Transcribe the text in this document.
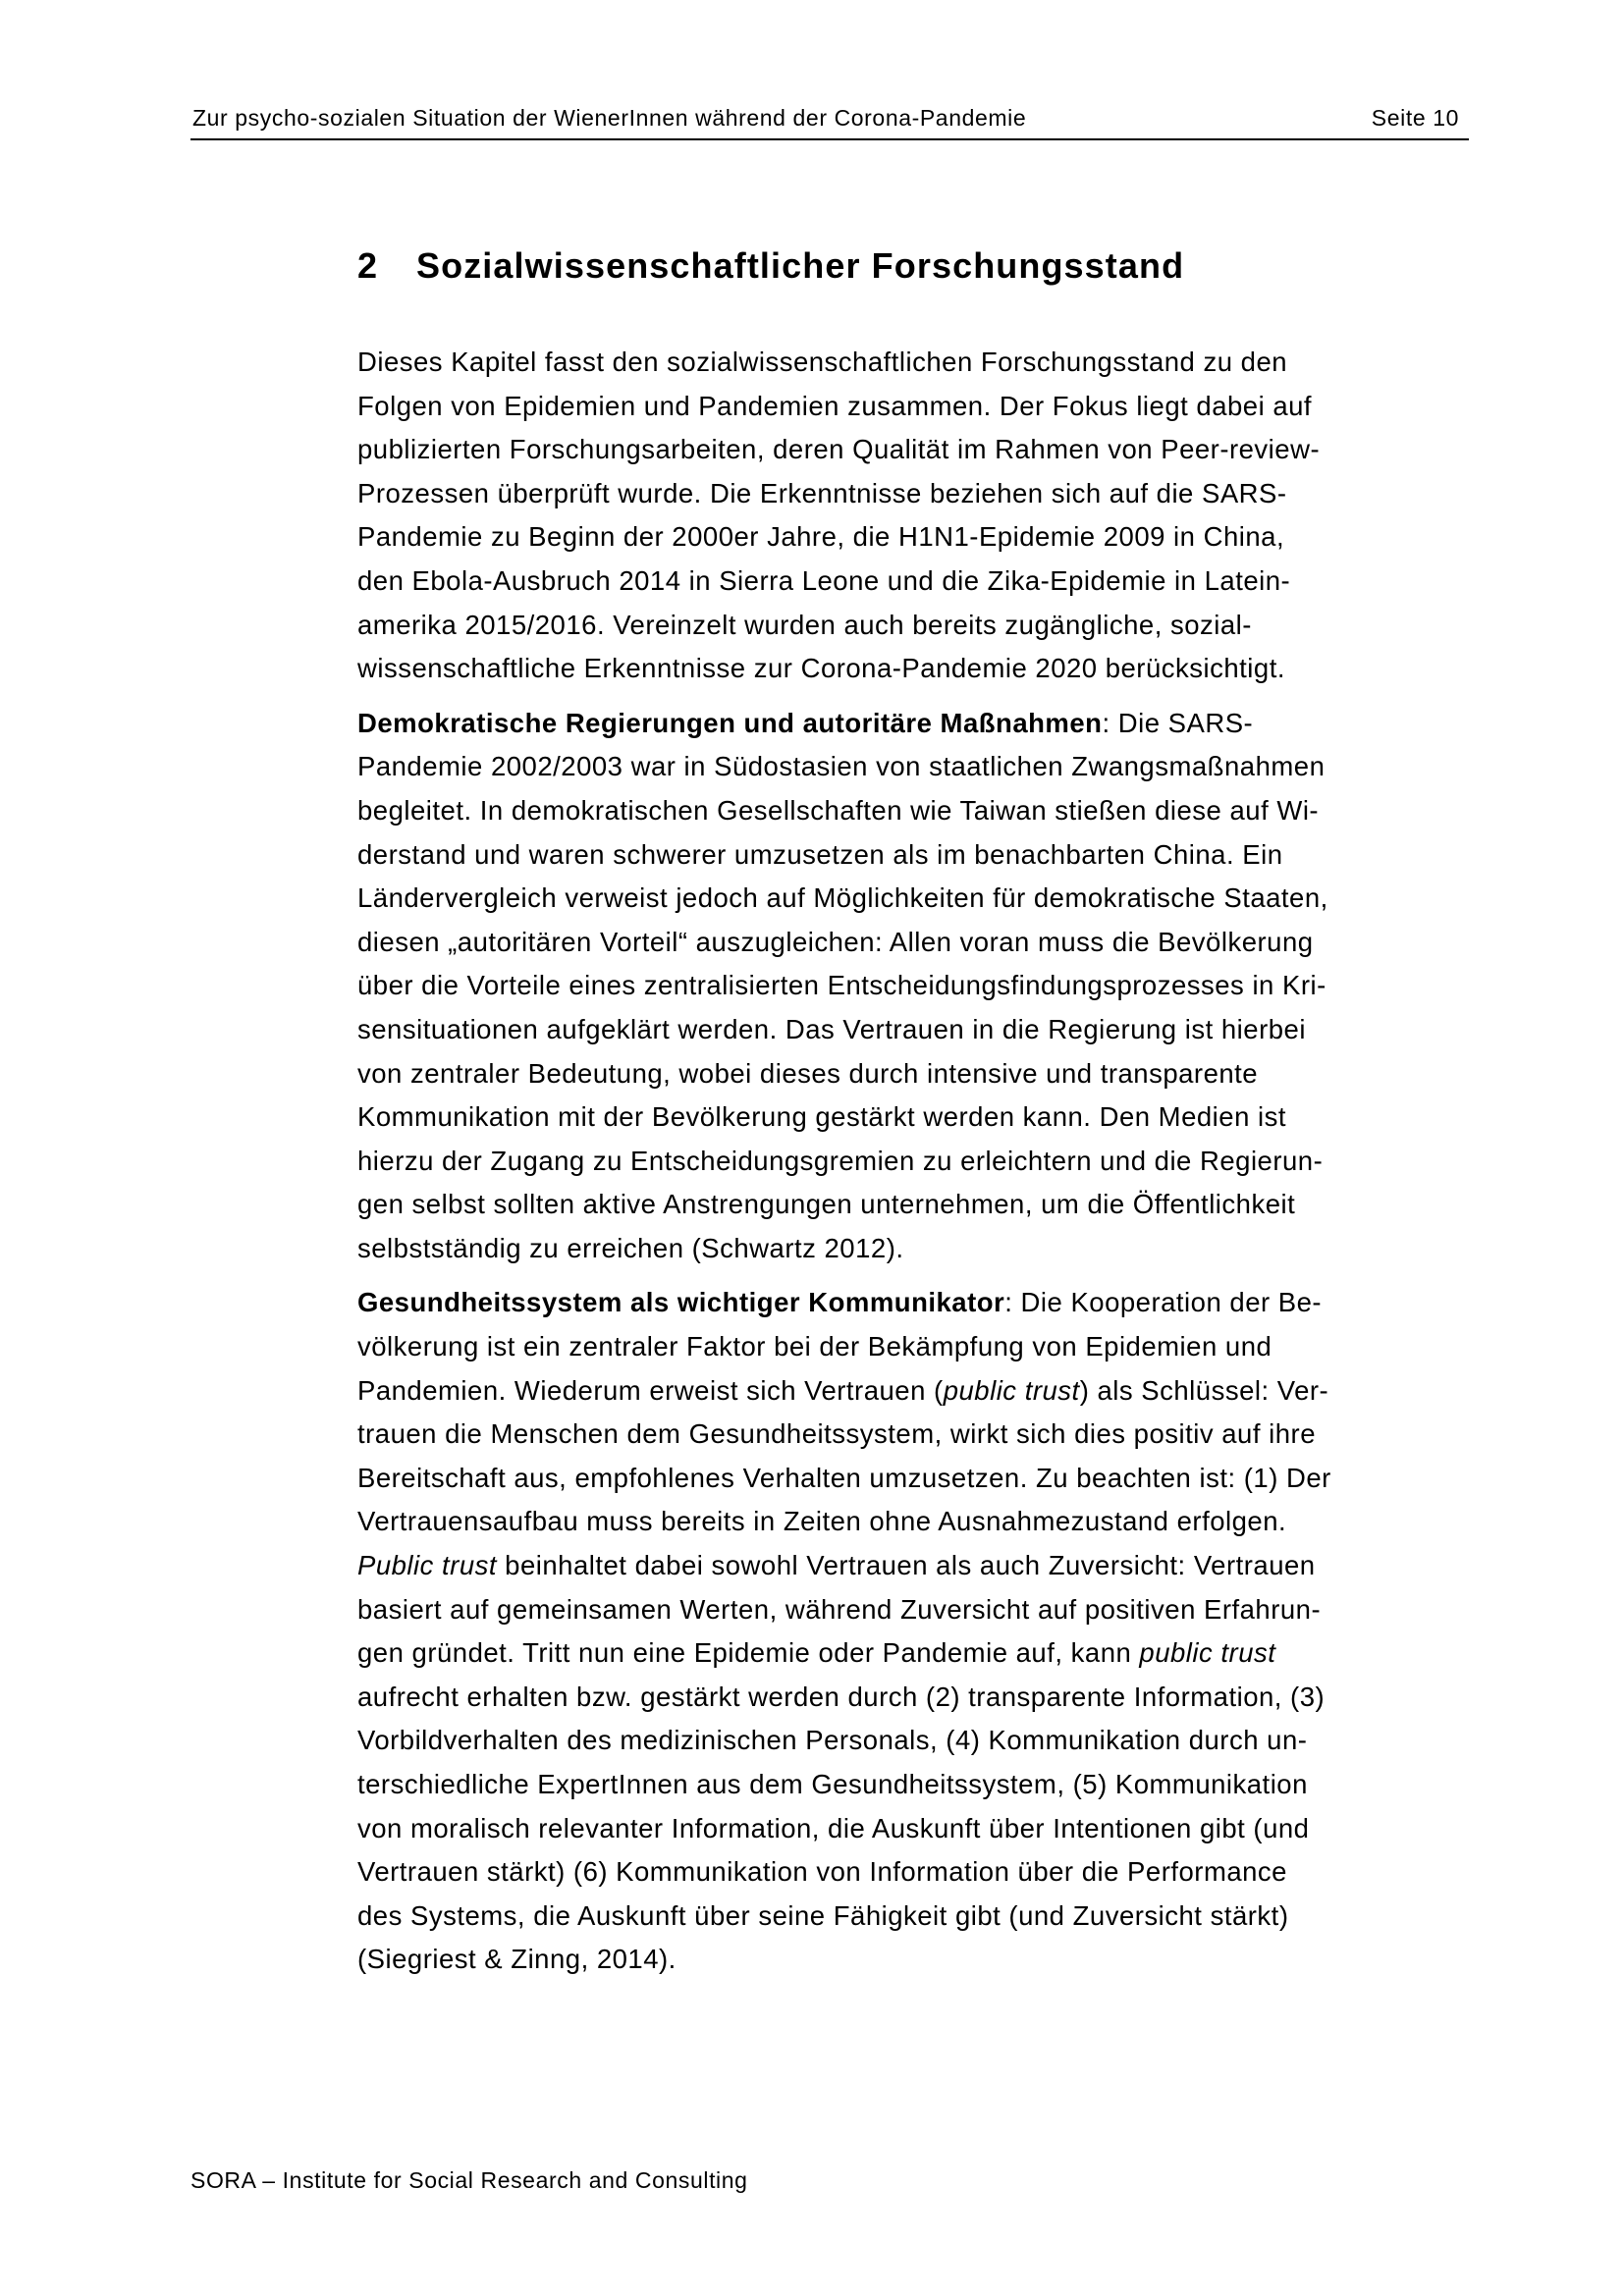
Zur psycho-sozialen Situation der WienerInnen während der Corona-Pandemie	Seite 10
2 Sozialwissenschaftlicher Forschungsstand

Dieses Kapitel fasst den sozialwissenschaftlichen Forschungsstand zu den
Folgen von Epidemien und Pandemien zusammen. Der Fokus liegt dabei auf
publizierten Forschungsarbeiten, deren Qualität im Rahmen von Peer-review-
Prozessen überprüft wurde. Die Erkenntnisse beziehen sich auf die SARS-
Pandemie zu Beginn der 2000er Jahre, die H1N1-Epidemie 2009 in China,
den Ebola-Ausbruch 2014 in Sierra Leone und die Zika-Epidemie in Latein-
amerika 2015/2016. Vereinzelt wurden auch bereits zugängliche, sozial-
wissenschaftliche Erkenntnisse zur Corona-Pandemie 2020 berücksichtigt.

Demokratische Regierungen und autoritäre Maßnahmen: Die SARS-
Pandemie 2002/2003 war in Südostasien von staatlichen Zwangsmaßnahmen
begleitet. In demokratischen Gesellschaften wie Taiwan stießen diese auf Wi-
derstand und waren schwerer umzusetzen als im benachbarten China. Ein
Ländervergleich verweist jedoch auf Möglichkeiten für demokratische Staaten,
diesen „autoritären Vorteil“ auszugleichen: Allen voran muss die Bevölkerung
über die Vorteile eines zentralisierten Entscheidungsfindungsprozesses in Kri-
sensituationen aufgeklärt werden. Das Vertrauen in die Regierung ist hierbei
von zentraler Bedeutung, wobei dieses durch intensive und transparente
Kommunikation mit der Bevölkerung gestärkt werden kann. Den Medien ist
hierzu der Zugang zu Entscheidungsgremien zu erleichtern und die Regierun-
gen selbst sollten aktive Anstrengungen unternehmen, um die Öffentlichkeit
selbstständig zu erreichen (Schwartz 2012).

Gesundheitssystem als wichtiger Kommunikator: Die Kooperation der Be-
völkerung ist ein zentraler Faktor bei der Bekämpfung von Epidemien und
Pandemien. Wiederum erweist sich Vertrauen (public trust) als Schlüssel: Ver-
trauen die Menschen dem Gesundheitssystem, wirkt sich dies positiv auf ihre
Bereitschaft aus, empfohlenes Verhalten umzusetzen. Zu beachten ist: (1) Der
Vertrauensaufbau muss bereits in Zeiten ohne Ausnahmezustand erfolgen.
Public trust beinhaltet dabei sowohl Vertrauen als auch Zuversicht: Vertrauen
basiert auf gemeinsamen Werten, während Zuversicht auf positiven Erfahrun-
gen gründet. Tritt nun eine Epidemie oder Pandemie auf, kann public trust
aufrecht erhalten bzw. gestärkt werden durch (2) transparente Information, (3)
Vorbildverhalten des medizinischen Personals, (4) Kommunikation durch un-
terschiedliche ExpertInnen aus dem Gesundheitssystem, (5) Kommunikation
von moralisch relevanter Information, die Auskunft über Intentionen gibt (und
Vertrauen stärkt) (6) Kommunikation von Information über die Performance
des Systems, die Auskunft über seine Fähigkeit gibt (und Zuversicht stärkt)
(Siegriest & Zinng, 2014).

SORA – Institute for Social Research and Consulting
